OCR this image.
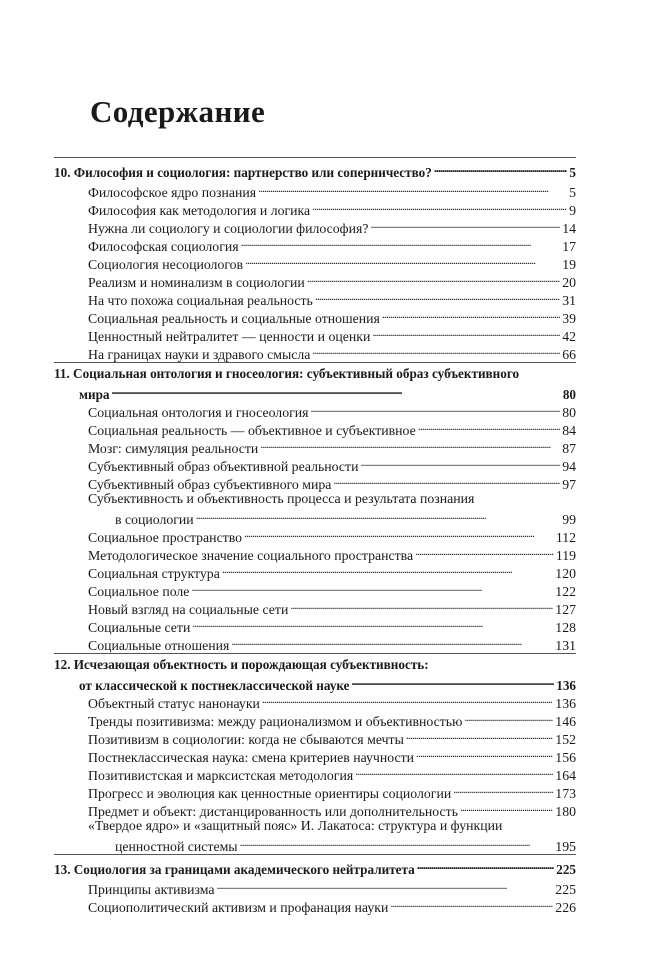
Содержание
10. Философия и социология: партнерство или соперничество? . . .	5
Философское ядро познания . . .	5
Философия как методология и логика . . .	9
Нужна ли социологу и социологии философия? . . .	14
Философская социология . . .	17
Социология несоциологов . . .	19
Реализм и номинализм в социологии . . .	20
На что похожа социальная реальность . . .	31
Социальная реальность и социальные отношения . . .	39
Ценностный нейтралитет — ценности и оценки . . .	42
На границах науки и здравого смысла . . .	66
11. Социальная онтология и гносеология: субъективный образ субъективного
мира . . .	80
Социальная онтология и гносеология . . .	80
Социальная реальность — объективное и субъективное . . .	84
Мозг: симуляция реальности . . .	87
Субъективный образ объективной реальности . . .	94
Субъективный образ субъективного мира . . .	97
Субъективность и объективность процесса и результата познания
в социологии . . .	99
Социальное пространство . . .	112
Методологическое значение социального пространства . . .	119
Социальная структура . . .	120
Социальное поле . . .	122
Новый взгляд на социальные сети . . .	127
Социальные сети . . .	128
Социальные отношения . . .	131
12. Исчезающая объектность и порождающая субъективность:
от классической к постнеклассической науке . . .	136
Объектный статус нанонауки . . .	136
Тренды позитивизма: между рационализмом и объективностью . . .	146
Позитивизм в социологии: когда не сбываются мечты . . .	152
Постнеклассическая наука: смена критериев научности . . .	156
Позитивистская и марксистская методология . . .	164
Прогресс и эволюция как ценностные ориентиры социологии . . .	173
Предмет и объект: дистанцированность или дополнительность . . .	180
«Твердое ядро» и «защитный пояс» И. Лакатоса: структура и функции
ценностной системы . . .	195
13. Социология за границами академического нейтралитета . . .	225
Принципы активизма . . .	225
Социополитический активизм и профанация науки . . .	226
